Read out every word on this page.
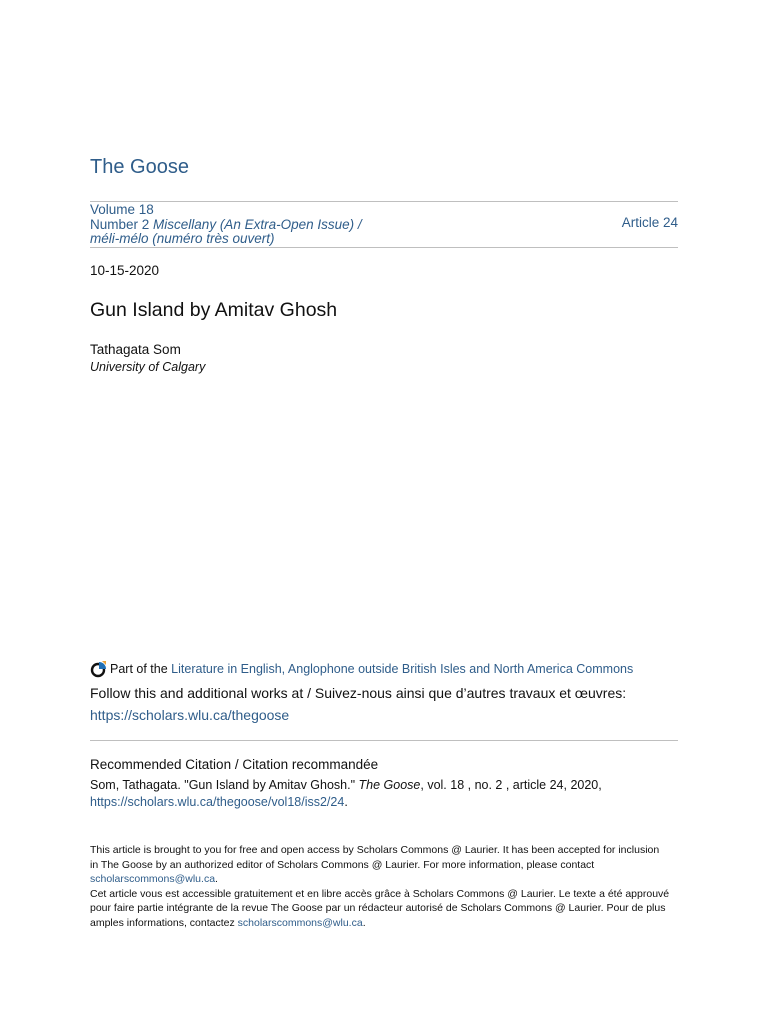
The Goose
Volume 18
Number 2 Miscellany (An Extra-Open Issue) /
méli-mélo (numéro très ouvert)
Article 24
10-15-2020
Gun Island by Amitav Ghosh
Tathagata Som
University of Calgary
Part of the
Literature in English, Anglophone outside British Isles and North America Commons
Follow this and additional works at / Suivez-nous ainsi que d’autres travaux et œuvres:
https://scholars.wlu.ca/thegoose
Recommended Citation / Citation recommandée
Som, Tathagata. "Gun Island by Amitav Ghosh." The Goose, vol. 18 , no. 2 , article 24, 2020,
https://scholars.wlu.ca/thegoose/vol18/iss2/24.
This article is brought to you for free and open access by Scholars Commons @ Laurier. It has been accepted for inclusion in The Goose by an authorized editor of Scholars Commons @ Laurier. For more information, please contact scholarscommons@wlu.ca.
Cet article vous est accessible gratuitement et en libre accès grâce à Scholars Commons @ Laurier. Le texte a été approuvé pour faire partie intégrante de la revue The Goose par un rédacteur autorisé de Scholars Commons @ Laurier. Pour de plus amples informations, contactez scholarscommons@wlu.ca.
